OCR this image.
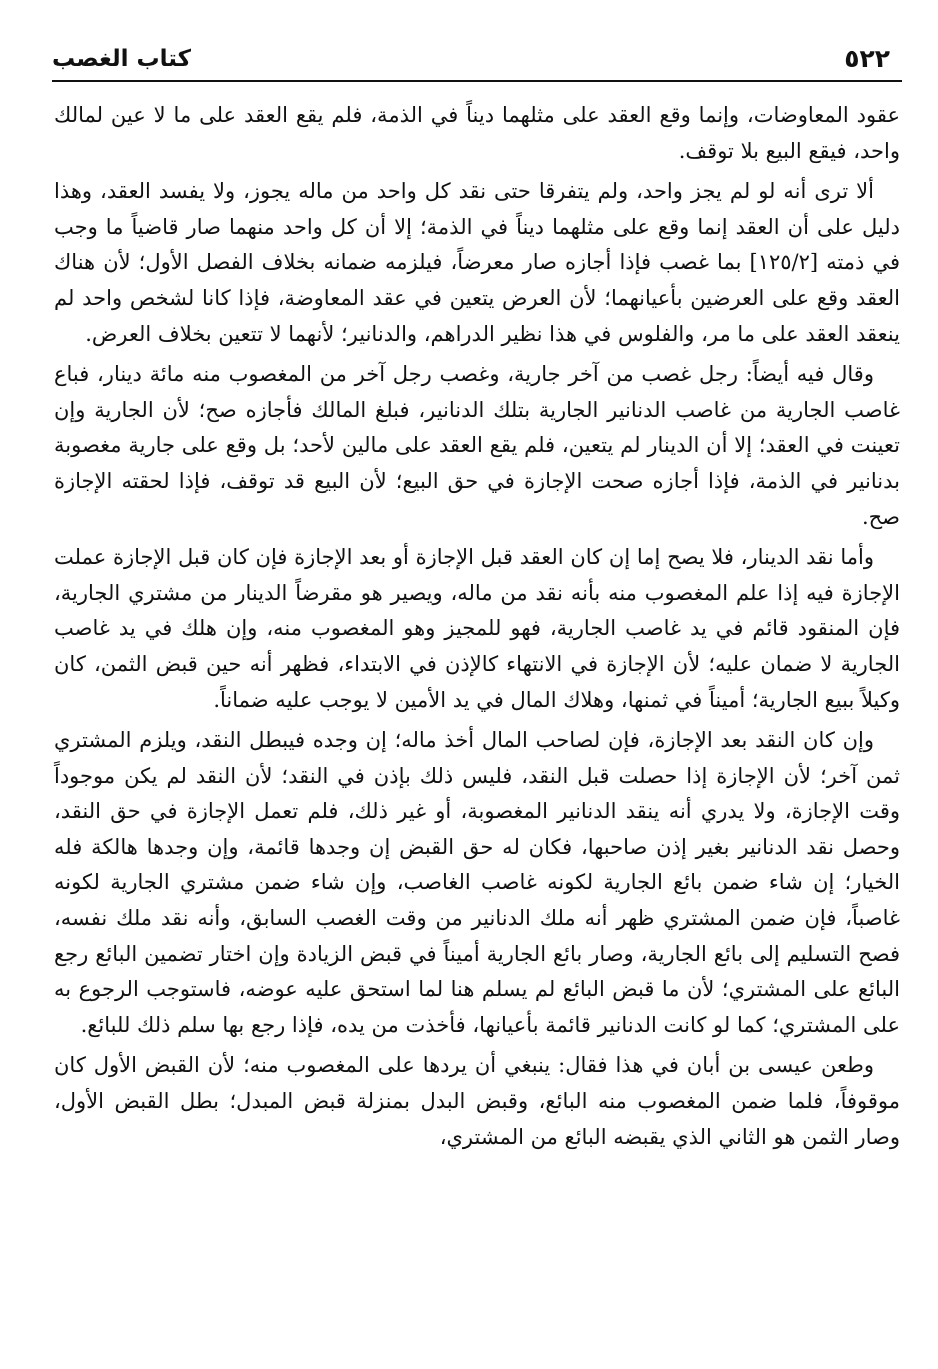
٥٢٢
كتاب الغصب

عقود المعاوضات، وإنما وقع العقد على مثلهما ديناً في الذمة، فلم يقع العقد على ما لا عين لمالك واحد، فيقع البيع بلا توقف.

ألا ترى أنه لو لم يجز واحد، ولم يتفرقا حتى نقد كل واحد من ماله يجوز، ولا يفسد العقد، وهذا دليل على أن العقد إنما وقع على مثلهما ديناً في الذمة؛ إلا أن كل واحد منهما صار قاضياً ما وجب في ذمته [١٢٥/٢] بما غصب فإذا أجازه صار معرضاً، فيلزمه ضمانه بخلاف الفصل الأول؛ لأن هناك العقد وقع على العرضين بأعيانهما؛ لأن العرض يتعين في عقد المعاوضة، فإذا كانا لشخص واحد لم ينعقد العقد على ما مر، والفلوس في هذا نظير الدراهم، والدنانير؛ لأنهما لا تتعين بخلاف العرض.

وقال فيه أيضاً: رجل غصب من آخر جارية، وغصب رجل آخر من المغصوب منه مائة دينار، فباع غاصب الجارية من غاصب الدنانير الجارية بتلك الدنانير، فبلغ المالك فأجازه صح؛ لأن الجارية وإن تعينت في العقد؛ إلا أن الدينار لم يتعين، فلم يقع العقد على مالين لأحد؛ بل وقع على جارية مغصوبة بدنانير في الذمة، فإذا أجازه صحت الإجازة في حق البيع؛ لأن البيع قد توقف، فإذا لحقته الإجازة صح.

وأما نقد الدينار، فلا يصح إما إن كان العقد قبل الإجازة أو بعد الإجازة فإن كان قبل الإجازة عملت الإجازة فيه إذا علم المغصوب منه بأنه نقد من ماله، ويصير هو مقرضاً الدينار من مشتري الجارية، فإن المنقود قائم في يد غاصب الجارية، فهو للمجيز وهو المغصوب منه، وإن هلك في يد غاصب الجارية لا ضمان عليه؛ لأن الإجازة في الانتهاء كالإذن في الابتداء، فظهر أنه حين قبض الثمن، كان وكيلاً ببيع الجارية؛ أميناً في ثمنها، وهلاك المال في يد الأمين لا يوجب عليه ضماناً.

وإن كان النقد بعد الإجازة، فإن لصاحب المال أخذ ماله؛ إن وجده فيبطل النقد، ويلزم المشتري ثمن آخر؛ لأن الإجازة إذا حصلت قبل النقد، فليس ذلك بإذن في النقد؛ لأن النقد لم يكن موجوداً وقت الإجازة، ولا يدري أنه ينقد الدنانير المغصوبة، أو غير ذلك، فلم تعمل الإجازة في حق النقد، وحصل نقد الدنانير بغير إذن صاحبها، فكان له حق القبض إن وجدها قائمة، وإن وجدها هالكة فله الخيار؛ إن شاء ضمن بائع الجارية لكونه غاصب الغاصب، وإن شاء ضمن مشتري الجارية لكونه غاصباً، فإن ضمن المشتري ظهر أنه ملك الدنانير من وقت الغصب السابق، وأنه نقد ملك نفسه، فصح التسليم إلى بائع الجارية، وصار بائع الجارية أميناً في قبض الزيادة وإن اختار تضمين البائع رجع البائع على المشتري؛ لأن ما قبض البائع لم يسلم هنا لما استحق عليه عوضه، فاستوجب الرجوع به على المشتري؛ كما لو كانت الدنانير قائمة بأعيانها، فأخذت من يده، فإذا رجع بها سلم ذلك للبائع.

وطعن عيسى بن أبان في هذا فقال: ينبغي أن يردها على المغصوب منه؛ لأن القبض الأول كان موقوفاً، فلما ضمن المغصوب منه البائع، وقبض البدل بمنزلة قبض المبدل؛ بطل القبض الأول، وصار الثمن هو الثاني الذي يقبضه البائع من المشتري،
